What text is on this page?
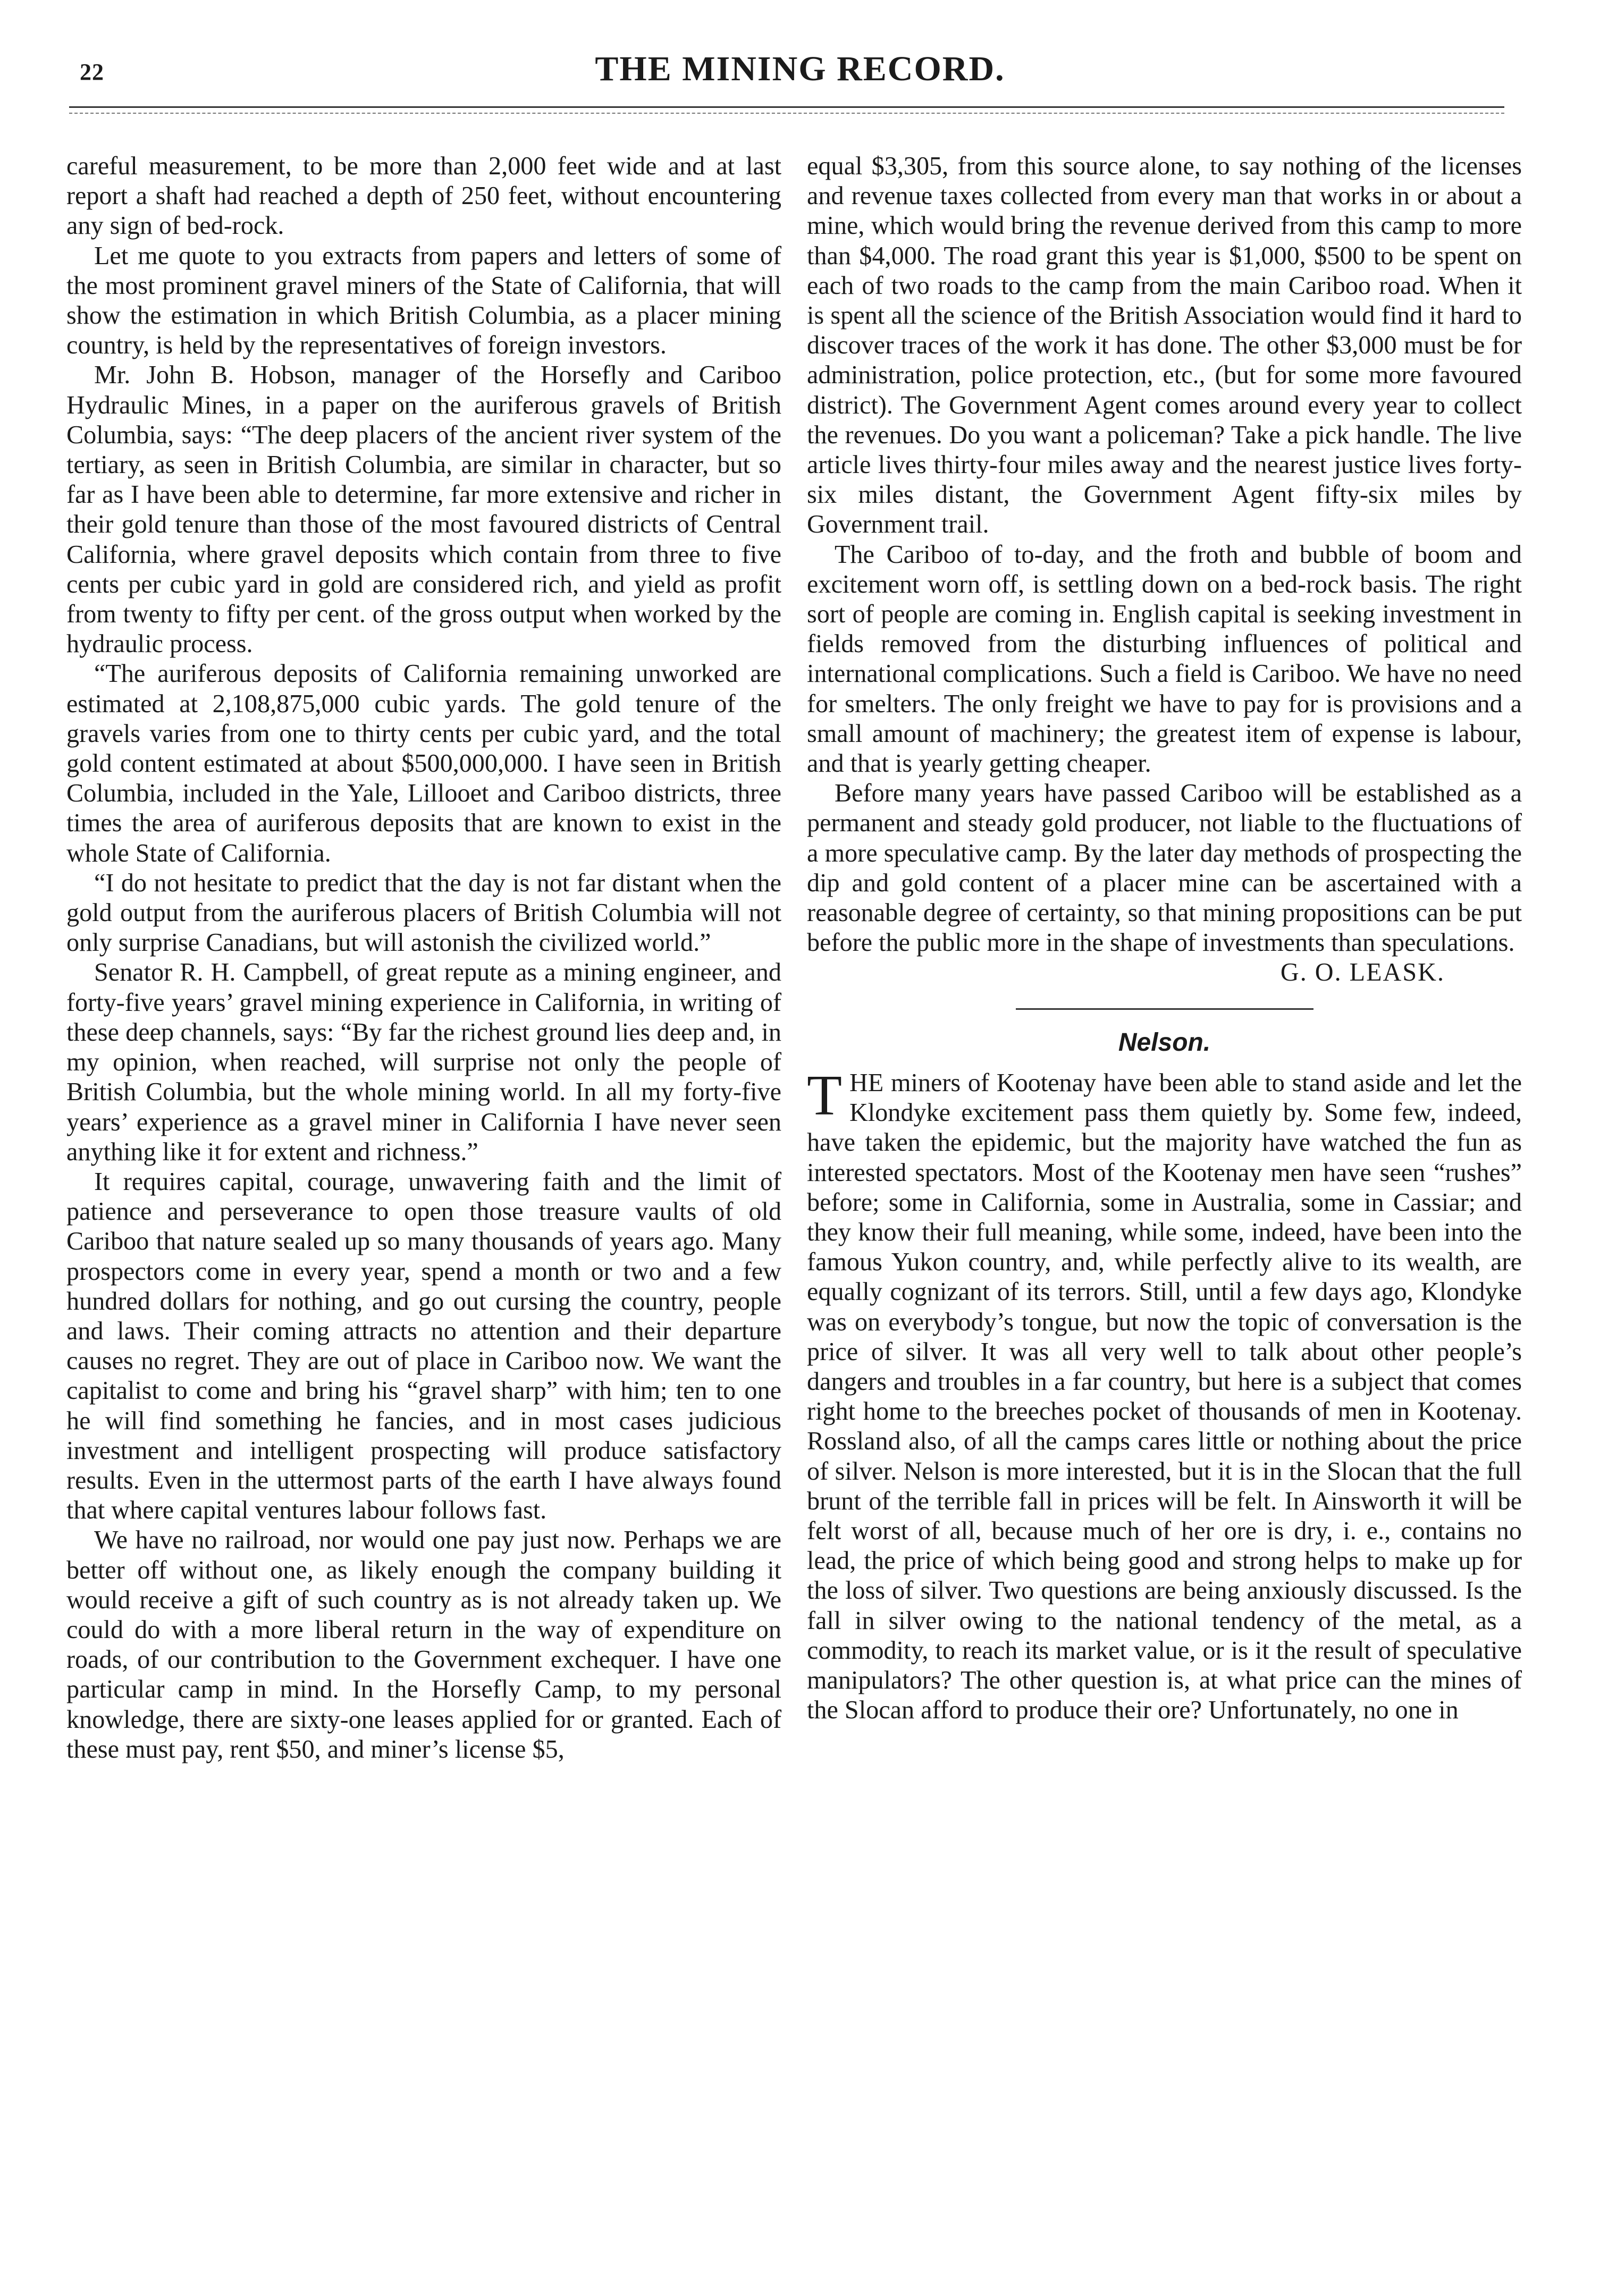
22	THE MINING RECORD.

careful measurement, to be more than 2,000 feet wide and at last report a shaft had reached a depth of 250 feet, without encountering any sign of bed-rock.

Let me quote to you extracts from papers and letters of some of the most prominent gravel miners of the State of California, that will show the estimation in which British Columbia, as a placer mining country, is held by the representatives of foreign investors.

Mr. John B. Hobson, manager of the Horsefly and Cariboo Hydraulic Mines, in a paper on the auriferous gravels of British Columbia, says: “The deep placers of the ancient river system of the tertiary, as seen in British Columbia, are similar in character, but so far as I have been able to determine, far more extensive and richer in their gold tenure than those of the most favoured districts of Central California, where gravel deposits which contain from three to five cents per cubic yard in gold are considered rich, and yield as profit from twenty to fifty per cent. of the gross output when worked by the hydraulic process.

“The auriferous deposits of California remaining unworked are estimated at 2,108,875,000 cubic yards. The gold tenure of the gravels varies from one to thirty cents per cubic yard, and the total gold content estimated at about $500,000,000. I have seen in British Columbia, included in the Yale, Lillooet and Cariboo districts, three times the area of auriferous deposits that are known to exist in the whole State of California.

“I do not hesitate to predict that the day is not far distant when the gold output from the auriferous placers of British Columbia will not only surprise Canadians, but will astonish the civilized world.”

Senator R. H. Campbell, of great repute as a mining engineer, and forty-five years’ gravel mining experience in California, in writing of these deep channels, says: “By far the richest ground lies deep and, in my opinion, when reached, will surprise not only the people of British Columbia, but the whole mining world. In all my forty-five years’ experience as a gravel miner in California I have never seen anything like it for extent and richness.”

It requires capital, courage, unwavering faith and the limit of patience and perseverance to open those treasure vaults of old Cariboo that nature sealed up so many thousands of years ago. Many prospectors come in every year, spend a month or two and a few hundred dollars for nothing, and go out cursing the country, people and laws. Their coming attracts no attention and their departure causes no regret. They are out of place in Cariboo now. We want the capitalist to come and bring his “gravel sharp” with him; ten to one he will find something he fancies, and in most cases judicious investment and intelligent prospecting will produce satisfactory results. Even in the uttermost parts of the earth I have always found that where capital ventures labour follows fast.

We have no railroad, nor would one pay just now. Perhaps we are better off without one, as likely enough the company building it would receive a gift of such country as is not already taken up. We could do with a more liberal return in the way of expenditure on roads, of our contribution to the Government exchequer. I have one particular camp in mind. In the Horsefly Camp, to my personal knowledge, there are sixty-one leases applied for or granted. Each of these must pay, rent $50, and miner’s license $5,

equal $3,305, from this source alone, to say nothing of the licenses and revenue taxes collected from every man that works in or about a mine, which would bring the revenue derived from this camp to more than $4,000. The road grant this year is $1,000, $500 to be spent on each of two roads to the camp from the main Cariboo road. When it is spent all the science of the British Association would find it hard to discover traces of the work it has done. The other $3,000 must be for administration, police protection, etc., (but for some more favoured district). The Government Agent comes around every year to collect the revenues. Do you want a policeman? Take a pick handle. The live article lives thirty-four miles away and the nearest justice lives forty-six miles distant, the Government Agent fifty-six miles by Government trail.

The Cariboo of to-day, and the froth and bubble of boom and excitement worn off, is settling down on a bed-rock basis. The right sort of people are coming in. English capital is seeking investment in fields removed from the disturbing influences of political and international complications. Such a field is Cariboo. We have no need for smelters. The only freight we have to pay for is provisions and a small amount of machinery; the greatest item of expense is labour, and that is yearly getting cheaper.

Before many years have passed Cariboo will be established as a permanent and steady gold producer, not liable to the fluctuations of a more speculative camp. By the later day methods of prospecting the dip and gold content of a placer mine can be ascertained with a reasonable degree of certainty, so that mining propositions can be put before the public more in the shape of investments than speculations.

G. O. LEASK.

Nelson.

THE miners of Kootenay have been able to stand aside and let the Klondyke excitement pass them quietly by. Some few, indeed, have taken the epidemic, but the majority have watched the fun as interested spectators. Most of the Kootenay men have seen “rushes” before; some in California, some in Australia, some in Cassiar; and they know their full meaning, while some, indeed, have been into the famous Yukon country, and, while perfectly alive to its wealth, are equally cognizant of its terrors. Still, until a few days ago, Klondyke was on everybody’s tongue, but now the topic of conversation is the price of silver. It was all very well to talk about other people’s dangers and troubles in a far country, but here is a subject that comes right home to the breeches pocket of thousands of men in Kootenay. Rossland also, of all the camps cares little or nothing about the price of silver. Nelson is more interested, but it is in the Slocan that the full brunt of the terrible fall in prices will be felt. In Ainsworth it will be felt worst of all, because much of her ore is dry, i. e., contains no lead, the price of which being good and strong helps to make up for the loss of silver. Two questions are being anxiously discussed. Is the fall in silver owing to the national tendency of the metal, as a commodity, to reach its market value, or is it the result of speculative manipulators? The other question is, at what price can the mines of the Slocan afford to produce their ore? Unfortunately, no one in
